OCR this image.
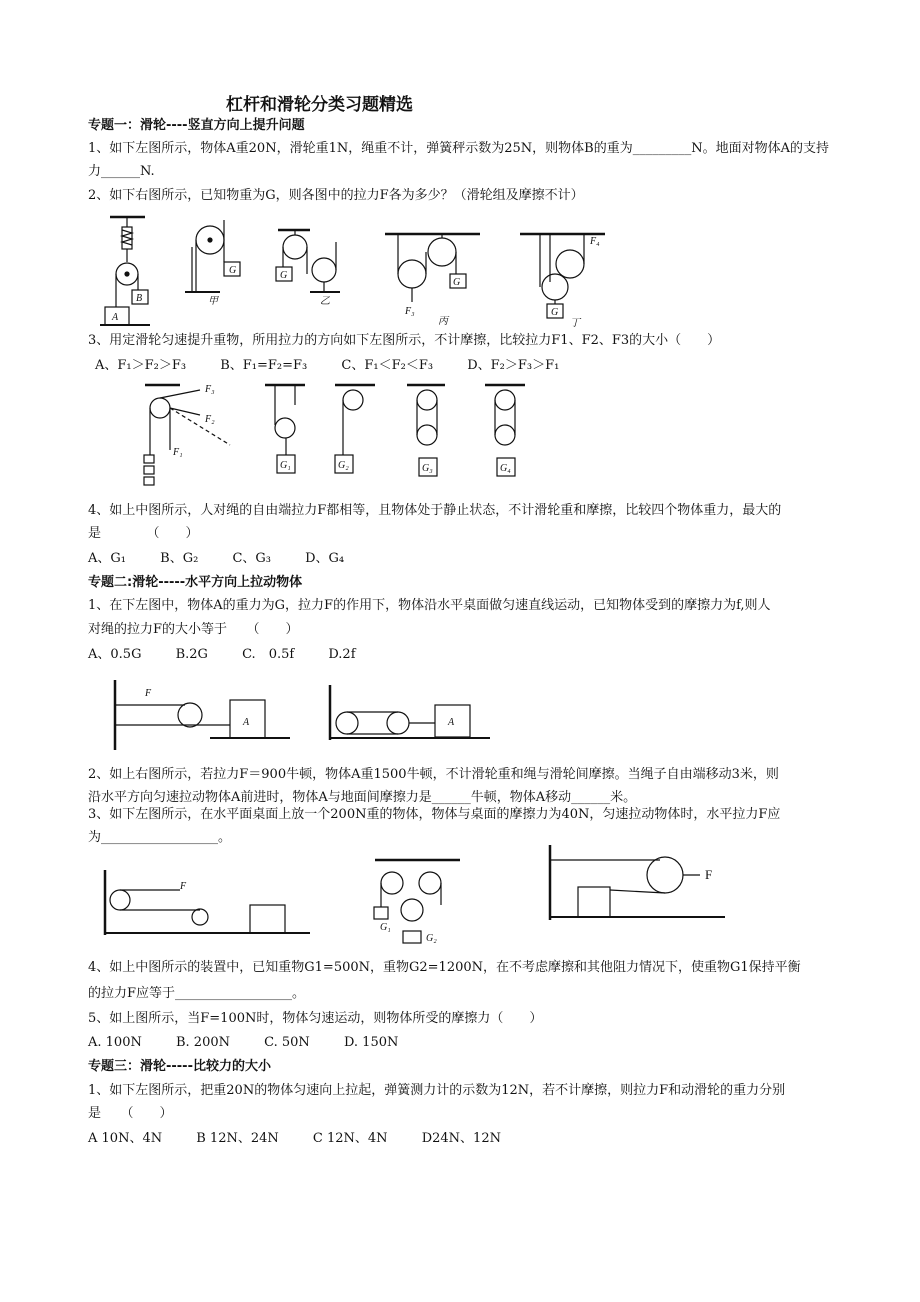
杠杆和滑轮分类习题精选
专题一：滑轮----竖直方向上提升问题
1、如下左图所示，物体A重20N，滑轮重1N，绳重不计，弹簧秤示数为25N，则物体B的重为_________N。地面对物体A的支持
力______N.
2、如下右图所示，已知物重为G，则各图中的拉力F各为多少？（滑轮组及摩擦不计）
A
B
G
甲
G
乙
G
F₃
丙
G
F₄
丁
3、用定滑轮匀速提升重物，所用拉力的方向如下左图所示，不计摩擦，比较拉力F1、F2、F3的大小（　　）
A、F₁＞F₂＞F₃	B、F₁=F₂=F₃	C、F₁＜F₂＜F₃	D、F₂＞F₃＞F₁
F₃
F₂
F₁
G₁	G₂	G₃	G₄
4、如上中图所示，人对绳的自由端拉力F都相等，且物体处于静止状态，不计滑轮重和摩擦，比较四个物体重力，最大的
是　　　　（　　）
A、G₁	B、G₂	C、G₃	D、G₄
专题二:滑轮-----水平方向上拉动物体
1、在下左图中，物体A的重力为G，拉力F的作用下，物体沿水平桌面做匀速直线运动，已知物体受到的摩擦力为f,则人
对绳的拉力F的大小等于　　（　　）
A、0.5G	B.2G	C.　0.5f	D.2f
F
A	A
2、如上右图所示，若拉力F＝900牛顿，物体A重1500牛顿，不计滑轮重和绳与滑轮间摩擦。当绳子自由端移动3米，则
沿水平方向匀速拉动物体A前进时，物体A与地面间摩擦力是______牛顿，物体A移动______米。
3、如下左图所示，在水平面桌面上放一个200N重的物体，物体与桌面的摩擦力为40N，匀速拉动物体时，水平拉力F应
为__________________。
F
G₁
G₂
F
4、如上中图所示的装置中，已知重物G1=500N，重物G2=1200N，在不考虑摩擦和其他阻力情况下，使重物G1保持平衡
的拉力F应等于__________________。
5、如上图所示，当F=100N时，物体匀速运动，则物体所受的摩擦力（　　）
A. 100N	B. 200N	C. 50N	D. 150N
专题三：滑轮-----比较力的大小
1、如下左图所示，把重20N的物体匀速向上拉起，弹簧测力计的示数为12N，若不计摩擦，则拉力F和动滑轮的重力分别
是　　（　　）
A 10N、4N	B 12N、24N	C 12N、4N	D24N、12N
